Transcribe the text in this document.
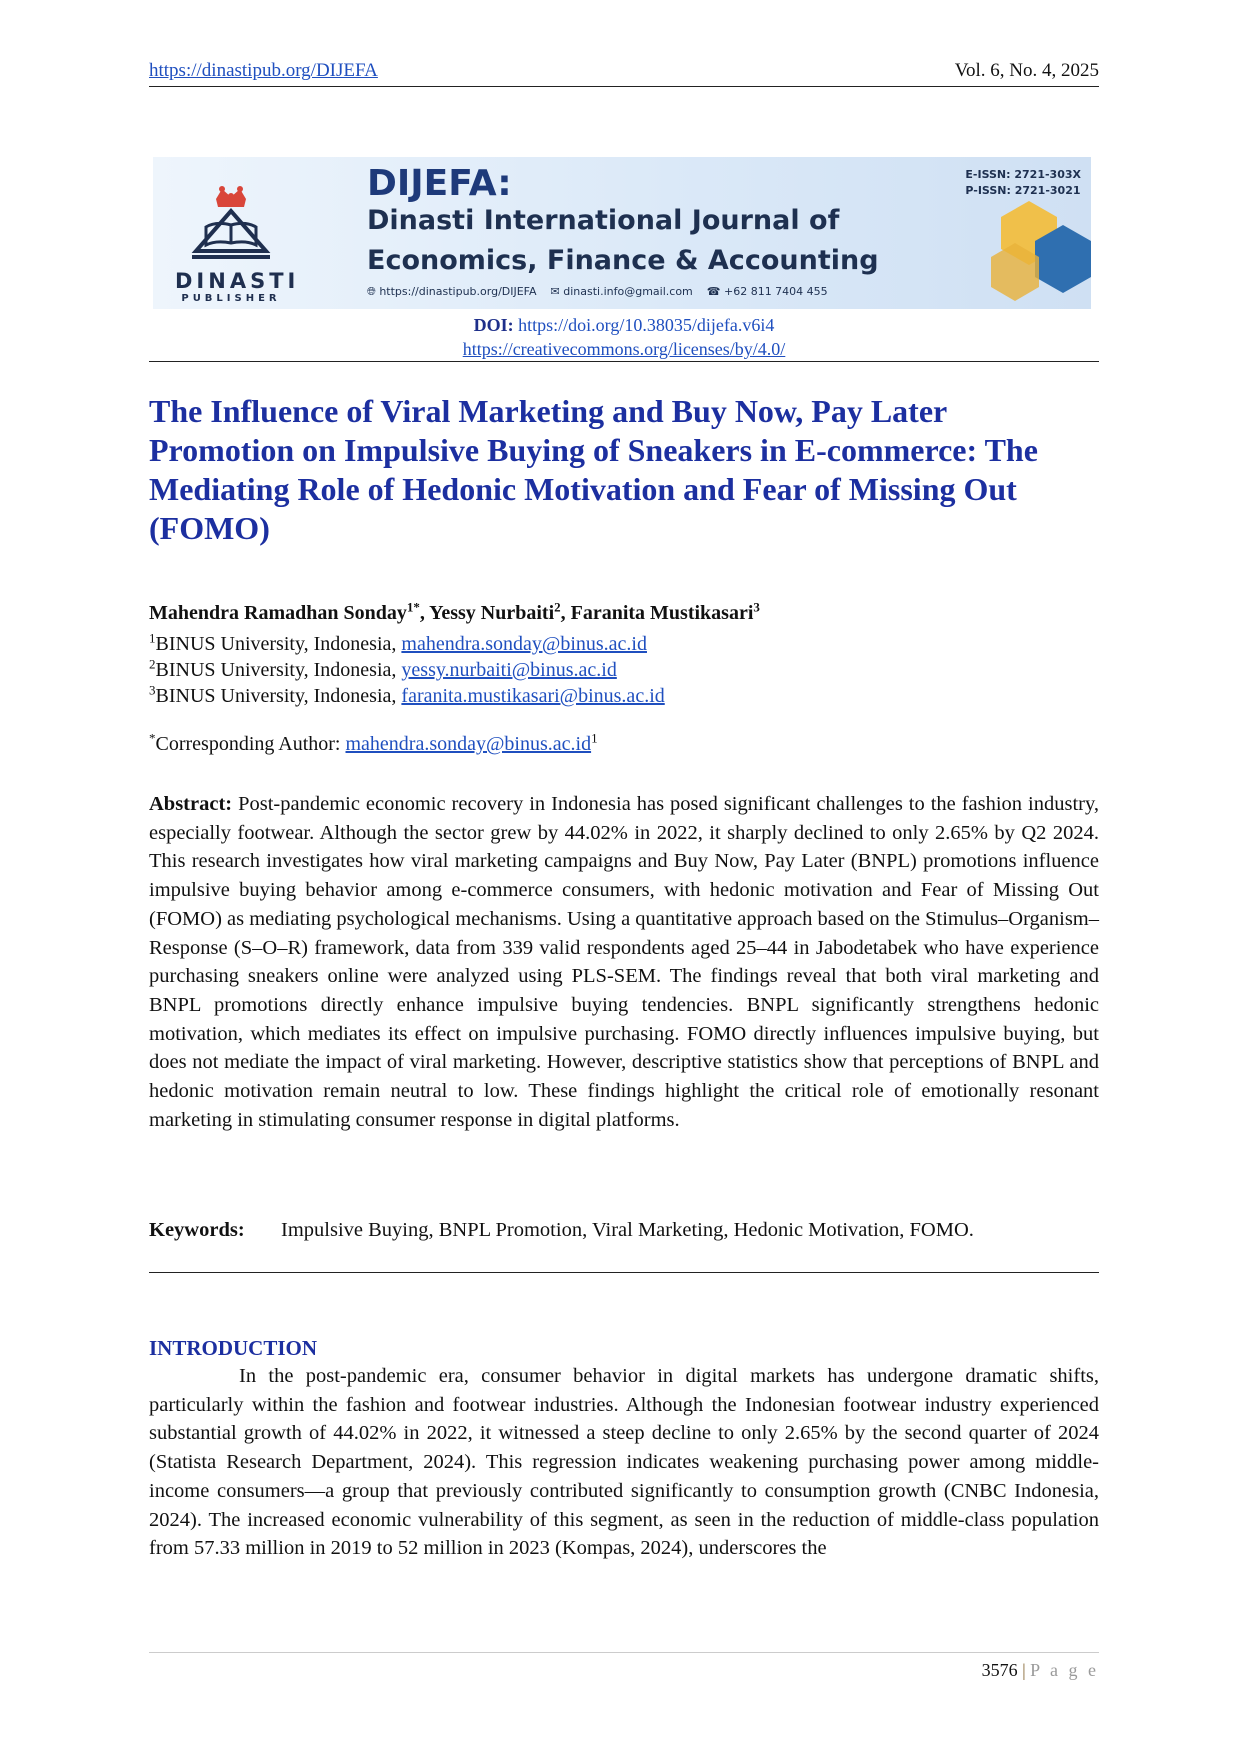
https://dinastipub.org/DIJEFA	Vol. 6, No. 4, 2025
DINASTI
PUBLISHER
DIJEFA:
Dinasti International Journal of
Economics, Finance & Accounting
🌐︎ https://dinastipub.org/DIJEFA ✉ dinasti.info@gmail.com ☎ +62 811 7404 455
E-ISSN: 2721-303X
P-ISSN: 2721-3021
DOI: https://doi.org/10.38035/dijefa.v6i4
https://creativecommons.org/licenses/by/4.0/
The Influence of Viral Marketing and Buy Now, Pay Later Promotion on Impulsive Buying of Sneakers in E-commerce: The Mediating Role of Hedonic Motivation and Fear of Missing Out (FOMO)
Mahendra Ramadhan Sonday$^{1*}$, Yessy Nurbaiti$^2$, Faranita Mustikasari$^3$
$^1$BINUS University, Indonesia, mahendra.sonday@binus.ac.id
$^2$BINUS University, Indonesia, yessy.nurbaiti@binus.ac.id
$^3$BINUS University, Indonesia, faranita.mustikasari@binus.ac.id
*Corresponding Author: $mahendra.sonday@binus.ac.id^1$

Abstract: Post-pandemic economic recovery in Indonesia has posed significant challenges to the fashion industry, especially footwear. Although the sector grew by 44.02% in 2022, it sharply declined to only 2.65% by Q2 2024. This research investigates how viral marketing campaigns and Buy Now, Pay Later (BNPL) promotions influence impulsive buying behavior among e-commerce consumers, with hedonic motivation and Fear of Missing Out (FOMO) as mediating psychological mechanisms. Using a quantitative approach based on the Stimulus–Organism–Response (S–O–R) framework, data from 339 valid respondents aged 25–44 in Jabodetabek who have experience purchasing sneakers online were analyzed using PLS-SEM. The findings reveal that both viral marketing and BNPL promotions directly enhance impulsive buying tendencies. BNPL significantly strengthens hedonic motivation, which mediates its effect on impulsive purchasing. FOMO directly influences impulsive buying, but does not mediate the impact of viral marketing. However, descriptive statistics show that perceptions of BNPL and hedonic motivation remain neutral to low. These findings highlight the critical role of emotionally resonant marketing in stimulating consumer response in digital platforms.

Keywords:	Impulsive Buying, BNPL Promotion, Viral Marketing, Hedonic Motivation, FOMO.
INTRODUCTION

In the post-pandemic era, consumer behavior in digital markets has undergone dramatic shifts, particularly within the fashion and footwear industries. Although the Indonesian footwear industry experienced substantial growth of 44.02% in 2022, it witnessed a steep decline to only 2.65% by the second quarter of 2024 (Statista Research Department, 2024). This regression indicates weakening purchasing power among middle-income consumers—a group that previously contributed significantly to consumption growth (CNBC Indonesia, 2024). The increased economic vulnerability of this segment, as seen in the reduction of middle-class population from 57.33 million in 2019 to 52 million in 2023 (Kompas, 2024), underscores the

3576 | P a g e
